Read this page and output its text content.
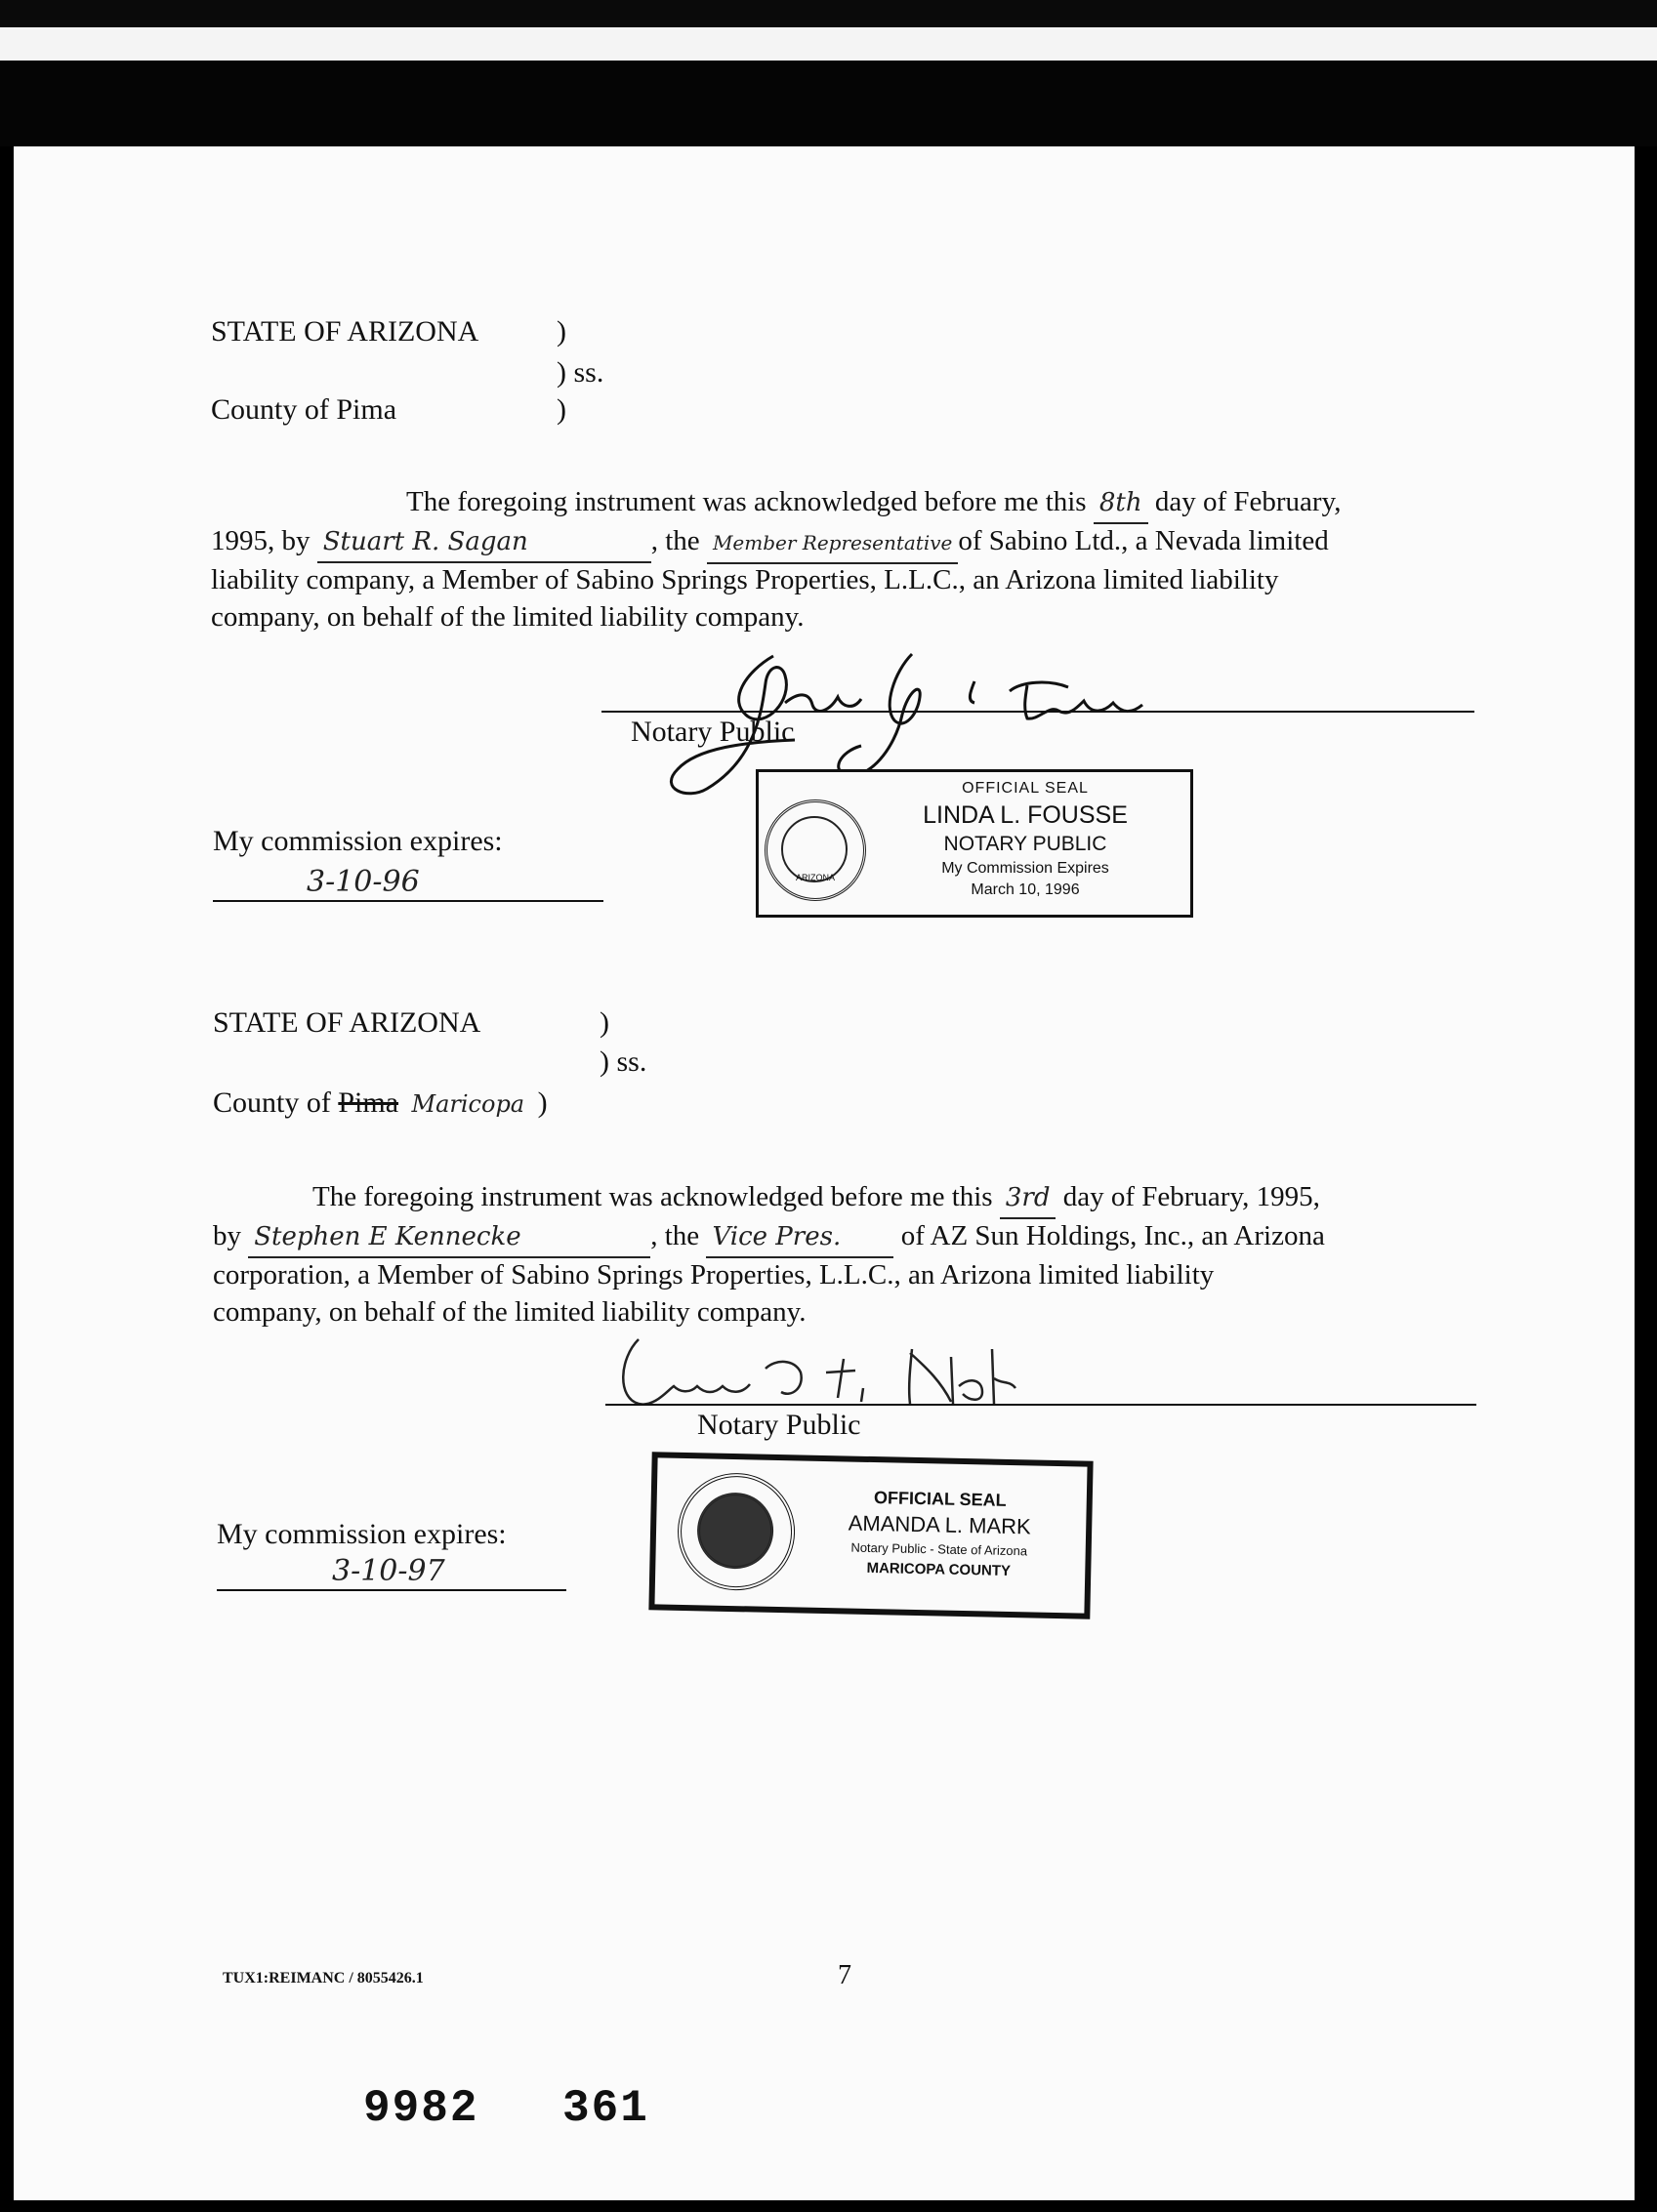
STATE OF ARIZONA	)
) ss.
County of Pima	)
The foregoing instrument was acknowledged before me this 8th day of February,
1995, by Stuart R. Sagan	, the Member Representative of Sabino Ltd., a Nevada limited
liability company, a Member of Sabino Springs Properties, L.L.C., an Arizona limited liability
company, on behalf of the limited liability company.
Notary Public
ARIZONA
OFFICIAL SEAL
LINDA L. FOUSSE
NOTARY PUBLIC
My Commission Expires
March 10, 1996
My commission expires:
3-10-96
STATE OF ARIZONA	)
) ss.
County of Pima Maricopa )
The foregoing instrument was acknowledged before me this 3rd day of February, 1995,
by Stephen E Kennecke	, the Vice Pres. of AZ Sun Holdings, Inc., an Arizona
corporation, a Member of Sabino Springs Properties, L.L.C., an Arizona limited liability
company, on behalf of the limited liability company.
Notary Public
OFFICIAL SEAL
AMANDA L. MARK
Notary Public - State of Arizona
MARICOPA COUNTY
My commission expires:
3-10-97
TUX1:REIMANC / 8055426.1	7
9982 361
